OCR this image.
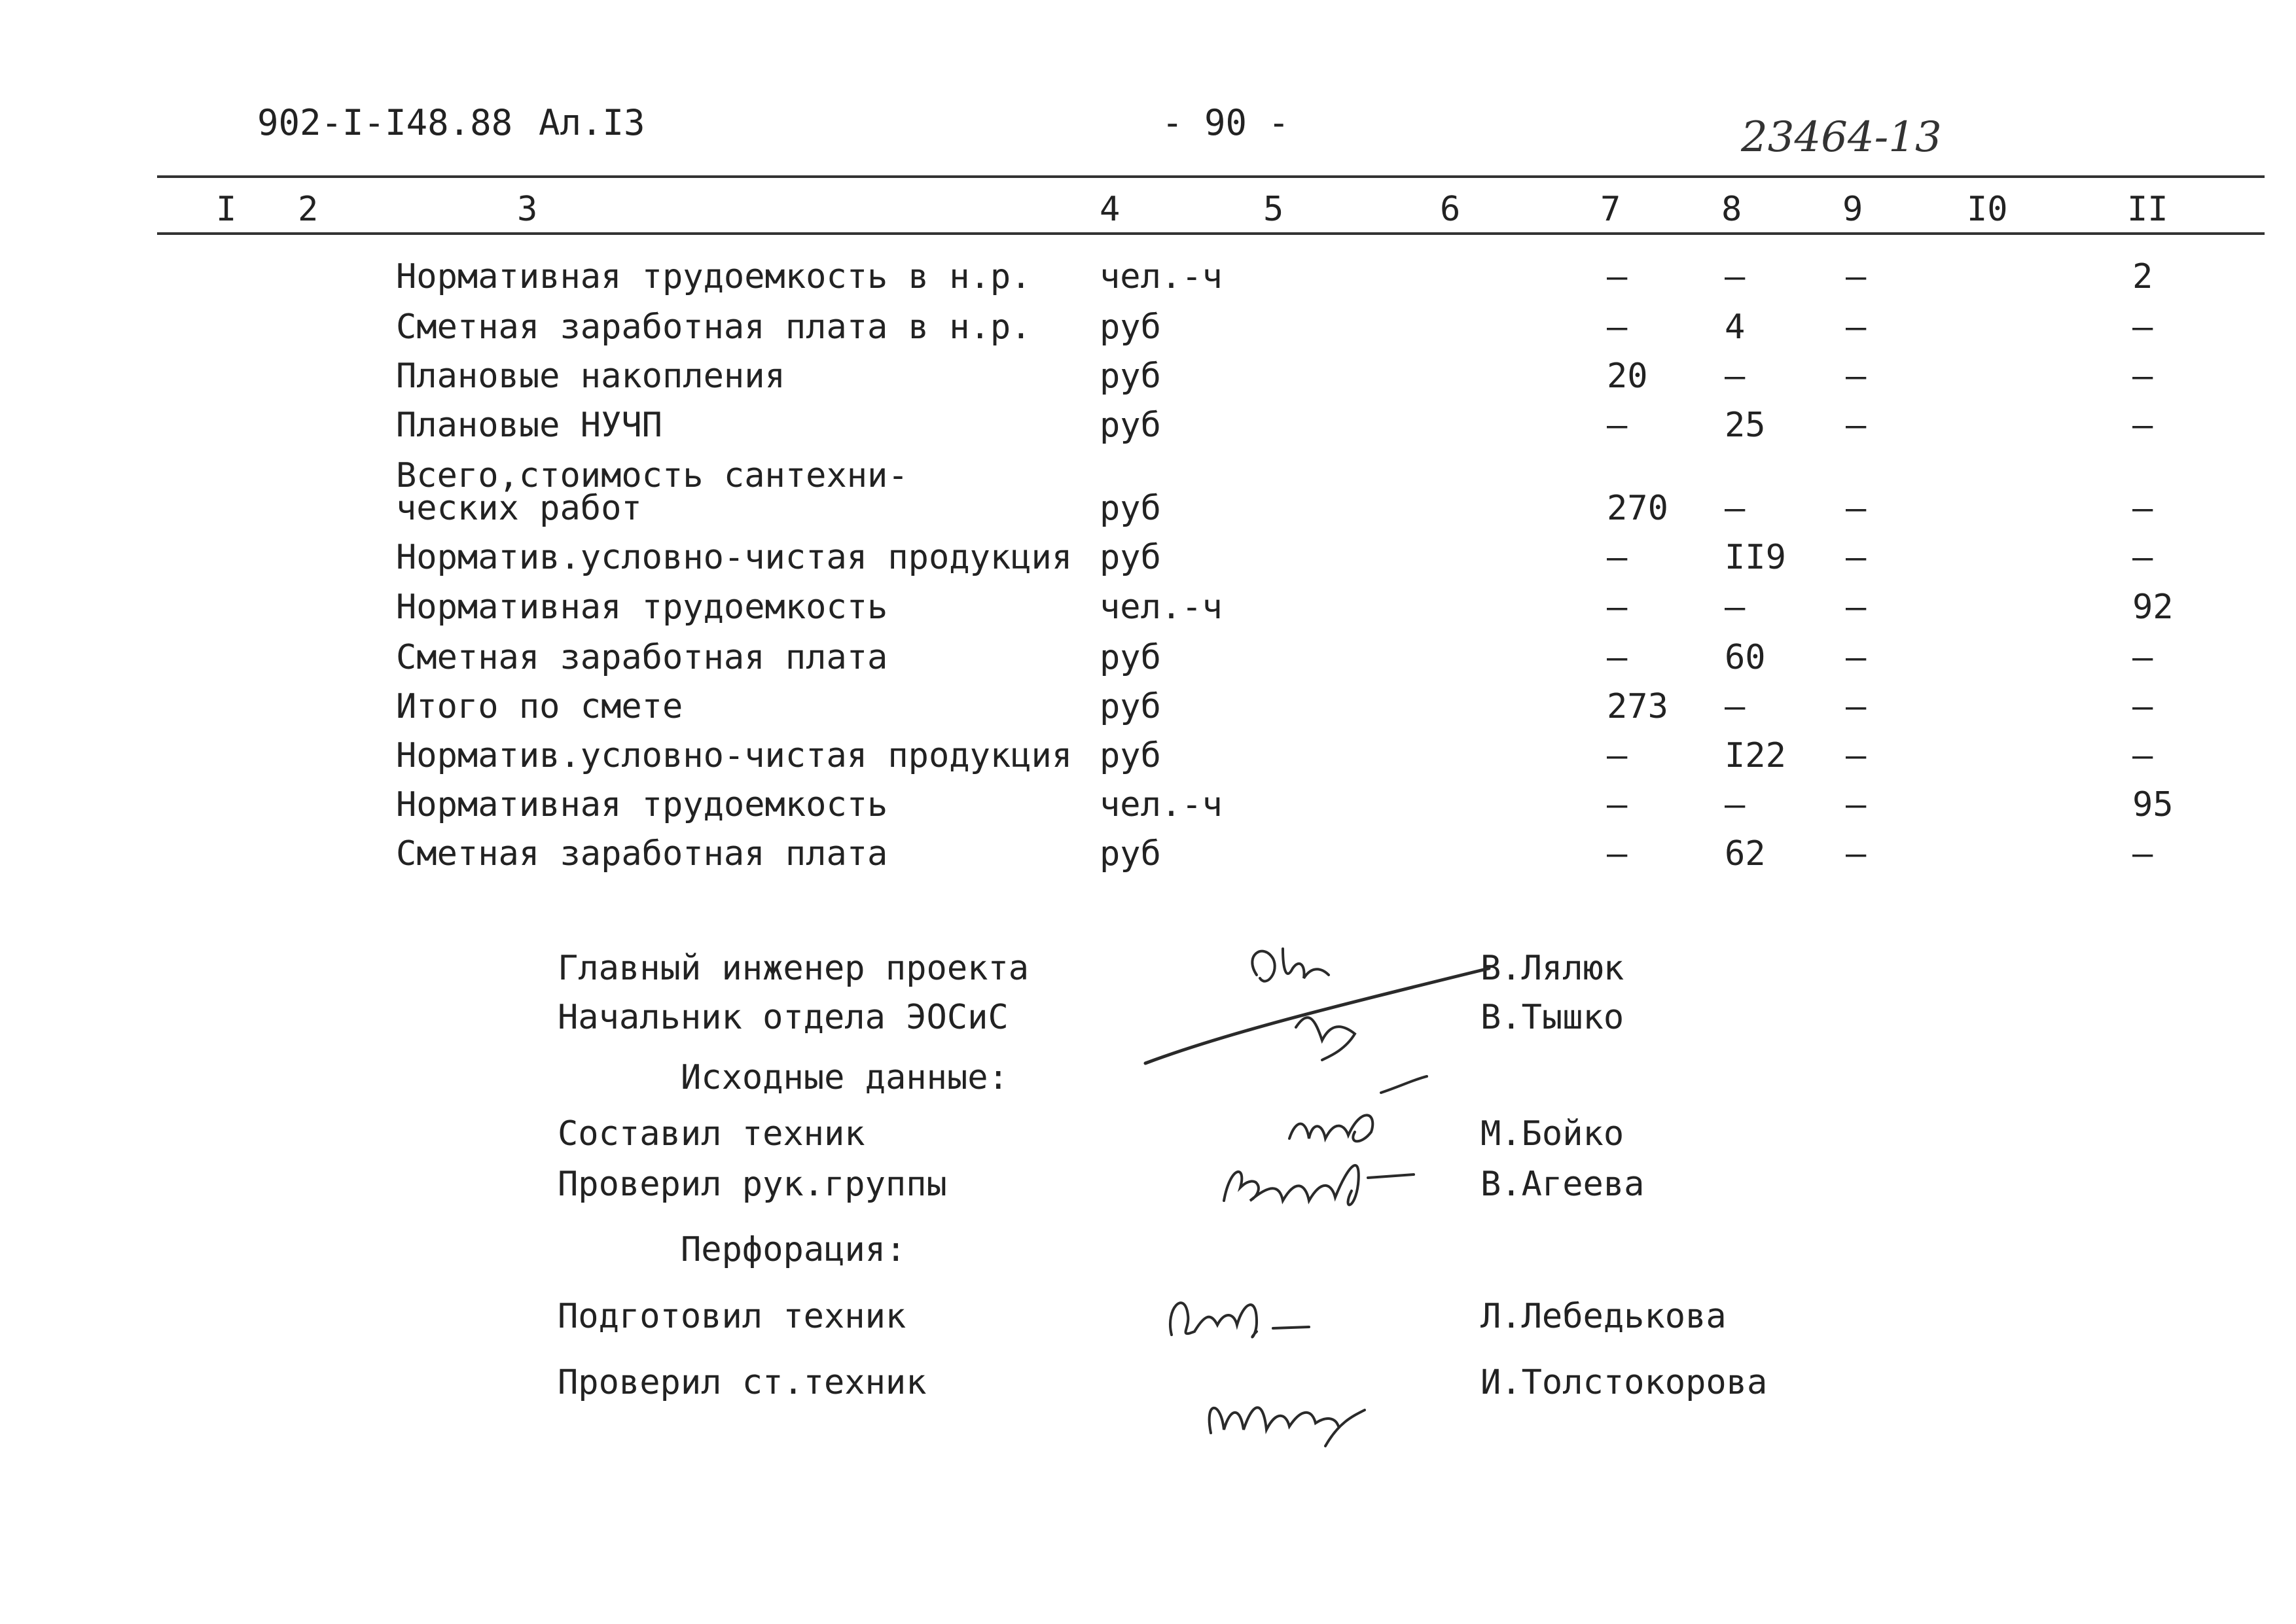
902-I-I48.88 Ал.I3	- 90 -	23464-13
I 2	3	4	5	6	7	8	9	I0	II
Нормативная трудоемкость в н.р. чел.-ч	–	–	–	2
Сметная заработная плата в н.р. руб	–	4	–	–
Плановые накопления	руб	20 –	–	–
Плановые НУЧП	руб	–	25 –	–
Всего,стоимость сантехни-
ческих работ	руб	270 –	–	–
Норматив.условно-чистая продукция руб	–	II9 –	–
Нормативная трудоемкость	чел.-ч	–	–	–	92
Сметная заработная плата	руб	–	60 –	–
Итого по смете	руб	273 –	–	–
Норматив.условно-чистая продукция руб	–	I22 –	–
Нормативная трудоемкость	чел.-ч	–	–	–	95
Сметная заработная плата	руб	–	62 –	–
Главный инженер проекта	В.Лялюк
Начальник отдела ЭОСиС	В.Тышко
Исходные данные:
Составил техник	М.Бойко
Проверил рук.группы	В.Агеева
Перфорация:
Подготовил техник	Л.Лебедькова
Проверил ст.техник	И.Толстокорова
